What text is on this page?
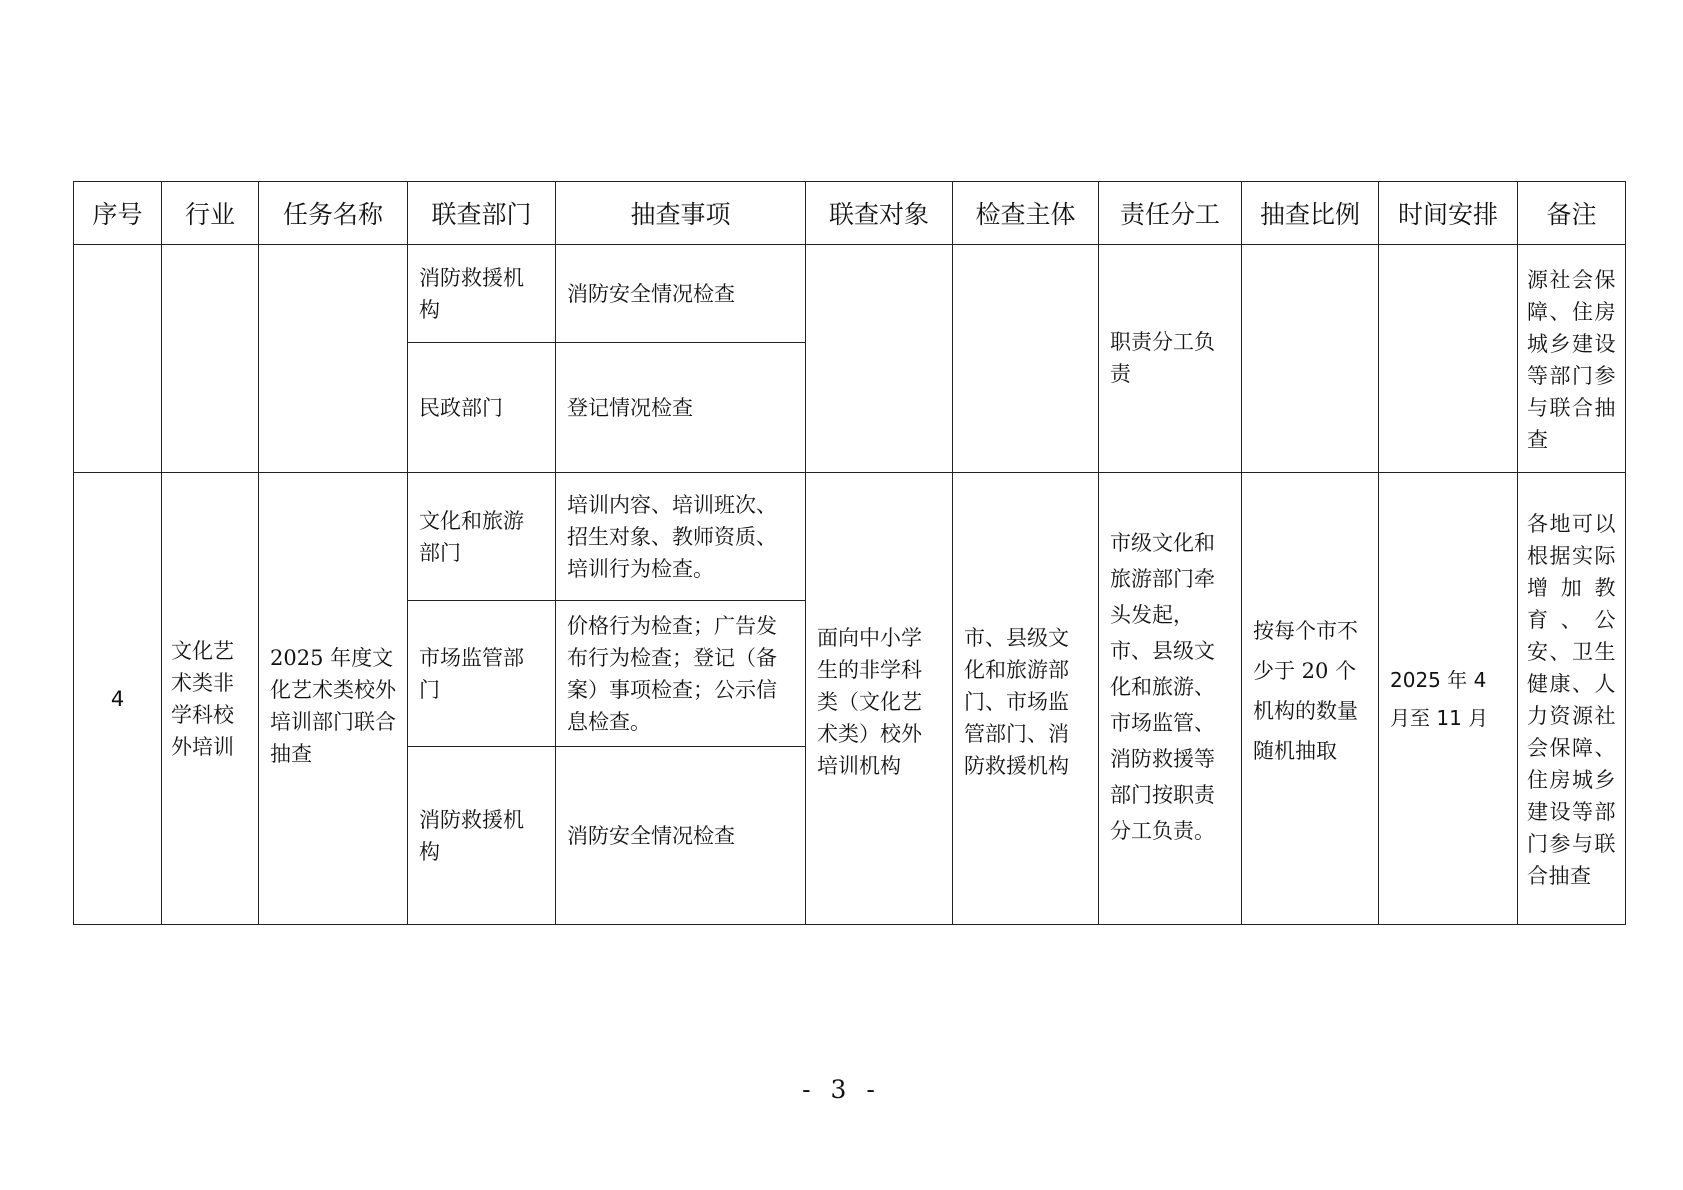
序号	行业	任务名称	联查部门	抽查事项	联查对象	检查主体	责任分工	抽查比例	时间安排	备注

			消防救援机构	消防安全情况检查			职责分工负责			源社会保障、住房城乡建设等部门参与联合抽查

			民政部门	登记情况检查						

4	文化艺术类非学科校外培训	2025 年度文化艺术类校外培训部门联合抽查	文化和旅游部门	培训内容、培训班次、招生对象、教师资质、培训行为检查。	面向中小学生的非学科类（文化艺术类）校外培训机构	市、县级文化和旅游部门、市场监管部门、消防救援机构	市级文化和旅游部门牵头发起，市、县级文化和旅游、市场监管、消防救援等部门按职责分工负责。	按每个市不少于 20 个机构的数量随机抽取	2025 年 4 月至 11 月	各地可以根据实际增加教育、公安、卫生健康、人力资源社会保障、住房城乡建设等部门参与联合抽查

			市场监管部门	价格行为检查；广告发布行为检查；登记（备案）事项检查；公示信息检查。						

			消防救援机构	消防安全情况检查						
- 3 -
